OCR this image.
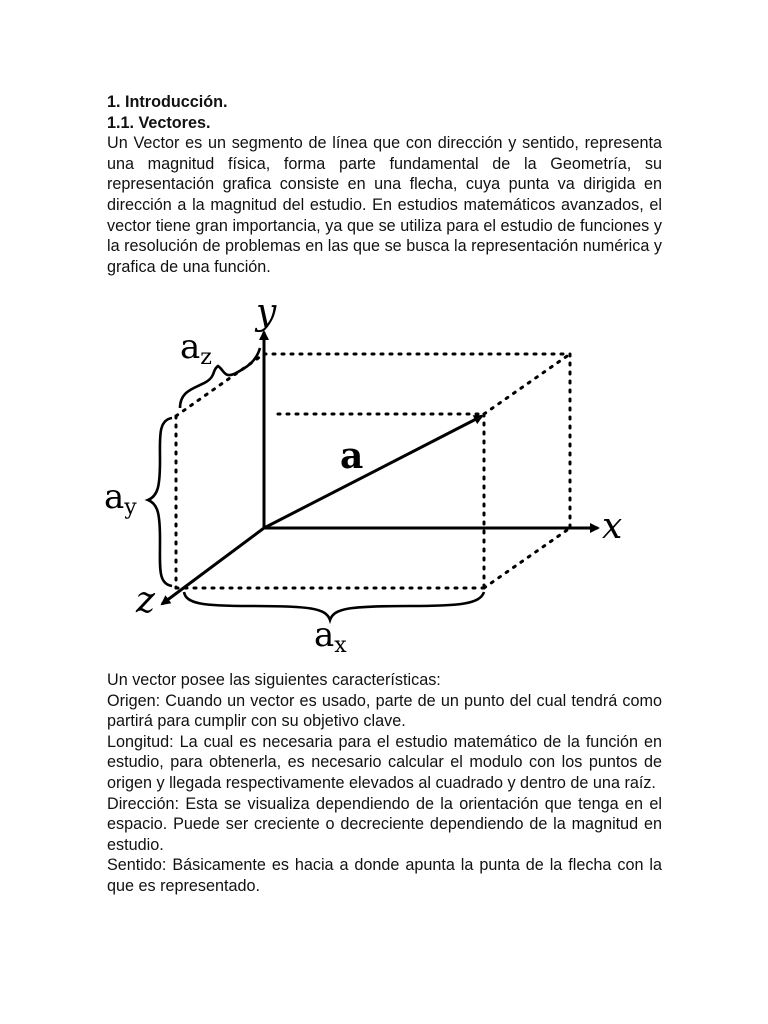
1. Introducción.

1.1. Vectores.

Un Vector es un segmento de línea que con dirección y sentido, representa una magnitud física, forma parte fundamental de la Geometría, su representación grafica consiste en una flecha, cuya punta va dirigida en dirección a la magnitud del estudio. En estudios matemáticos avanzados, el vector tiene gran importancia, ya que se utiliza para el estudio de funciones y la resolución de problemas en las que se busca la representación numérica y grafica de una función.

y
x
z
a
az
ay
ax

Un vector posee las siguientes características:

Origen: Cuando un vector es usado, parte de un punto del cual tendrá como partirá para cumplir con su objetivo clave.

Longitud: La cual es necesaria para el estudio matemático de la función en estudio, para obtenerla, es necesario calcular el modulo con los puntos de origen y llegada respectivamente elevados al cuadrado y dentro de una raíz.

Dirección: Esta se visualiza dependiendo de la orientación que tenga en el espacio. Puede ser creciente o decreciente dependiendo de la magnitud en estudio.

Sentido: Básicamente es hacia a donde apunta la punta de la flecha con la que es representado.
